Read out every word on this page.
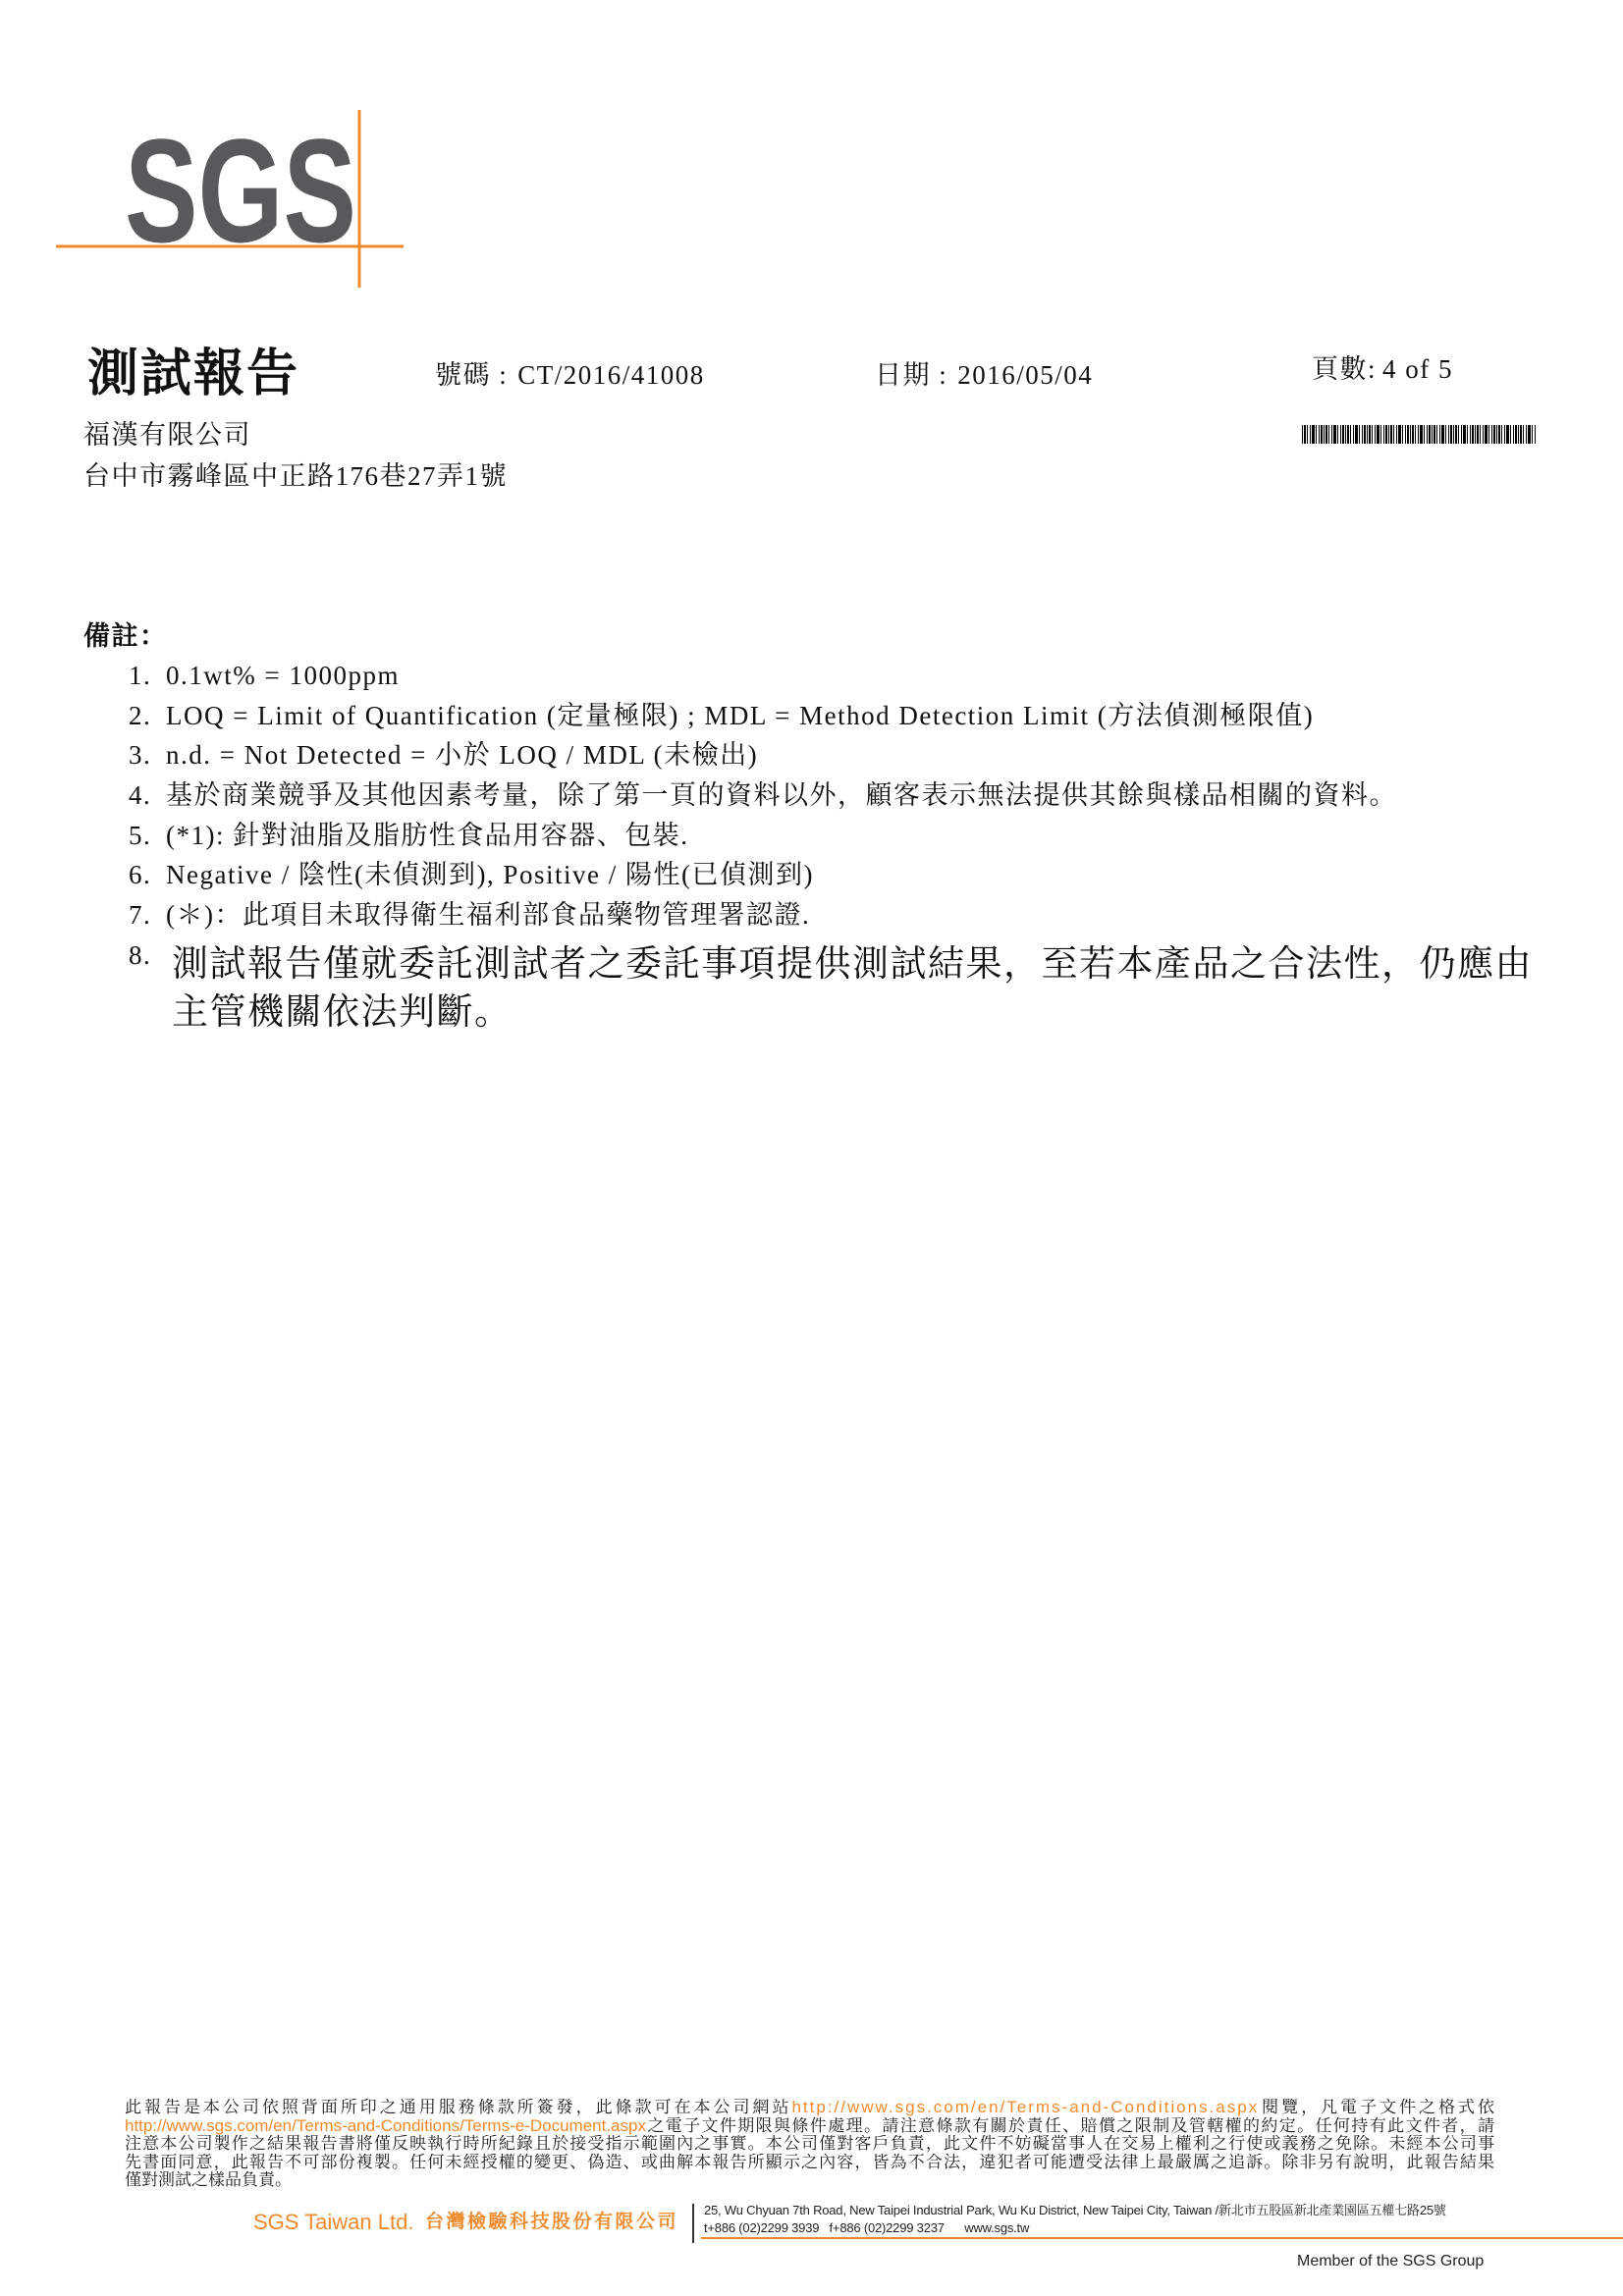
SGS
測試報告	號碼 : CT/2016/41008	日期 : 2016/05/04	頁數: 4 of 5
福漢有限公司
台中市霧峰區中正路176巷27弄1號
備註：
1. 0.1wt% = 1000ppm
2. LOQ = Limit of Quantification (定量極限) ; MDL = Method Detection Limit (方法偵測極限值)
3. n.d. = Not Detected = 小於 LOQ / MDL (未檢出)
4. 基於商業競爭及其他因素考量，除了第一頁的資料以外，顧客表示無法提供其餘與樣品相關的資料。
5. (*1): 針對油脂及脂肪性食品用容器、包裝.
6. Negative / 陰性(未偵測到), Positive / 陽性(已偵測到)
7. (＊)：此項目未取得衛生福利部食品藥物管理署認證.
8. 測試報告僅就委託測試者之委託事項提供測試結果，至若本產品之合法性，仍應由
主管機關依法判斷。
此報告是本公司依照背面所印之通用服務條款所簽發，此條款可在本公司網站http://www.sgs.com/en/Terms-and-Conditions.aspx閱覽，凡電子文件之格式依
http://www.sgs.com/en/Terms-and-Conditions/Terms-e-Document.aspx之電子文件期限與條件處理。請注意條款有關於責任、賠償之限制及管轄權的約定。任何持有此文件者，請
注意本公司製作之結果報告書將僅反映執行時所紀錄且於接受指示範圍內之事實。本公司僅對客戶負責，此文件不妨礙當事人在交易上權利之行使或義務之免除。未經本公司事
先書面同意，此報告不可部份複製。任何未經授權的變更、偽造、或曲解本報告所顯示之內容，皆為不合法，違犯者可能遭受法律上最嚴厲之追訴。除非另有說明，此報告結果
僅對測試之樣品負責。
SGS Taiwan Ltd. 台灣檢驗科技股份有限公司
25, Wu Chyuan 7th Road, New Taipei Industrial Park, Wu Ku District, New Taipei City, Taiwan /新北市五股區新北產業園區五權七路25號
t+886 (02)2299 3939   f+886 (02)2299 3237      www.sgs.tw
Member of the SGS Group
